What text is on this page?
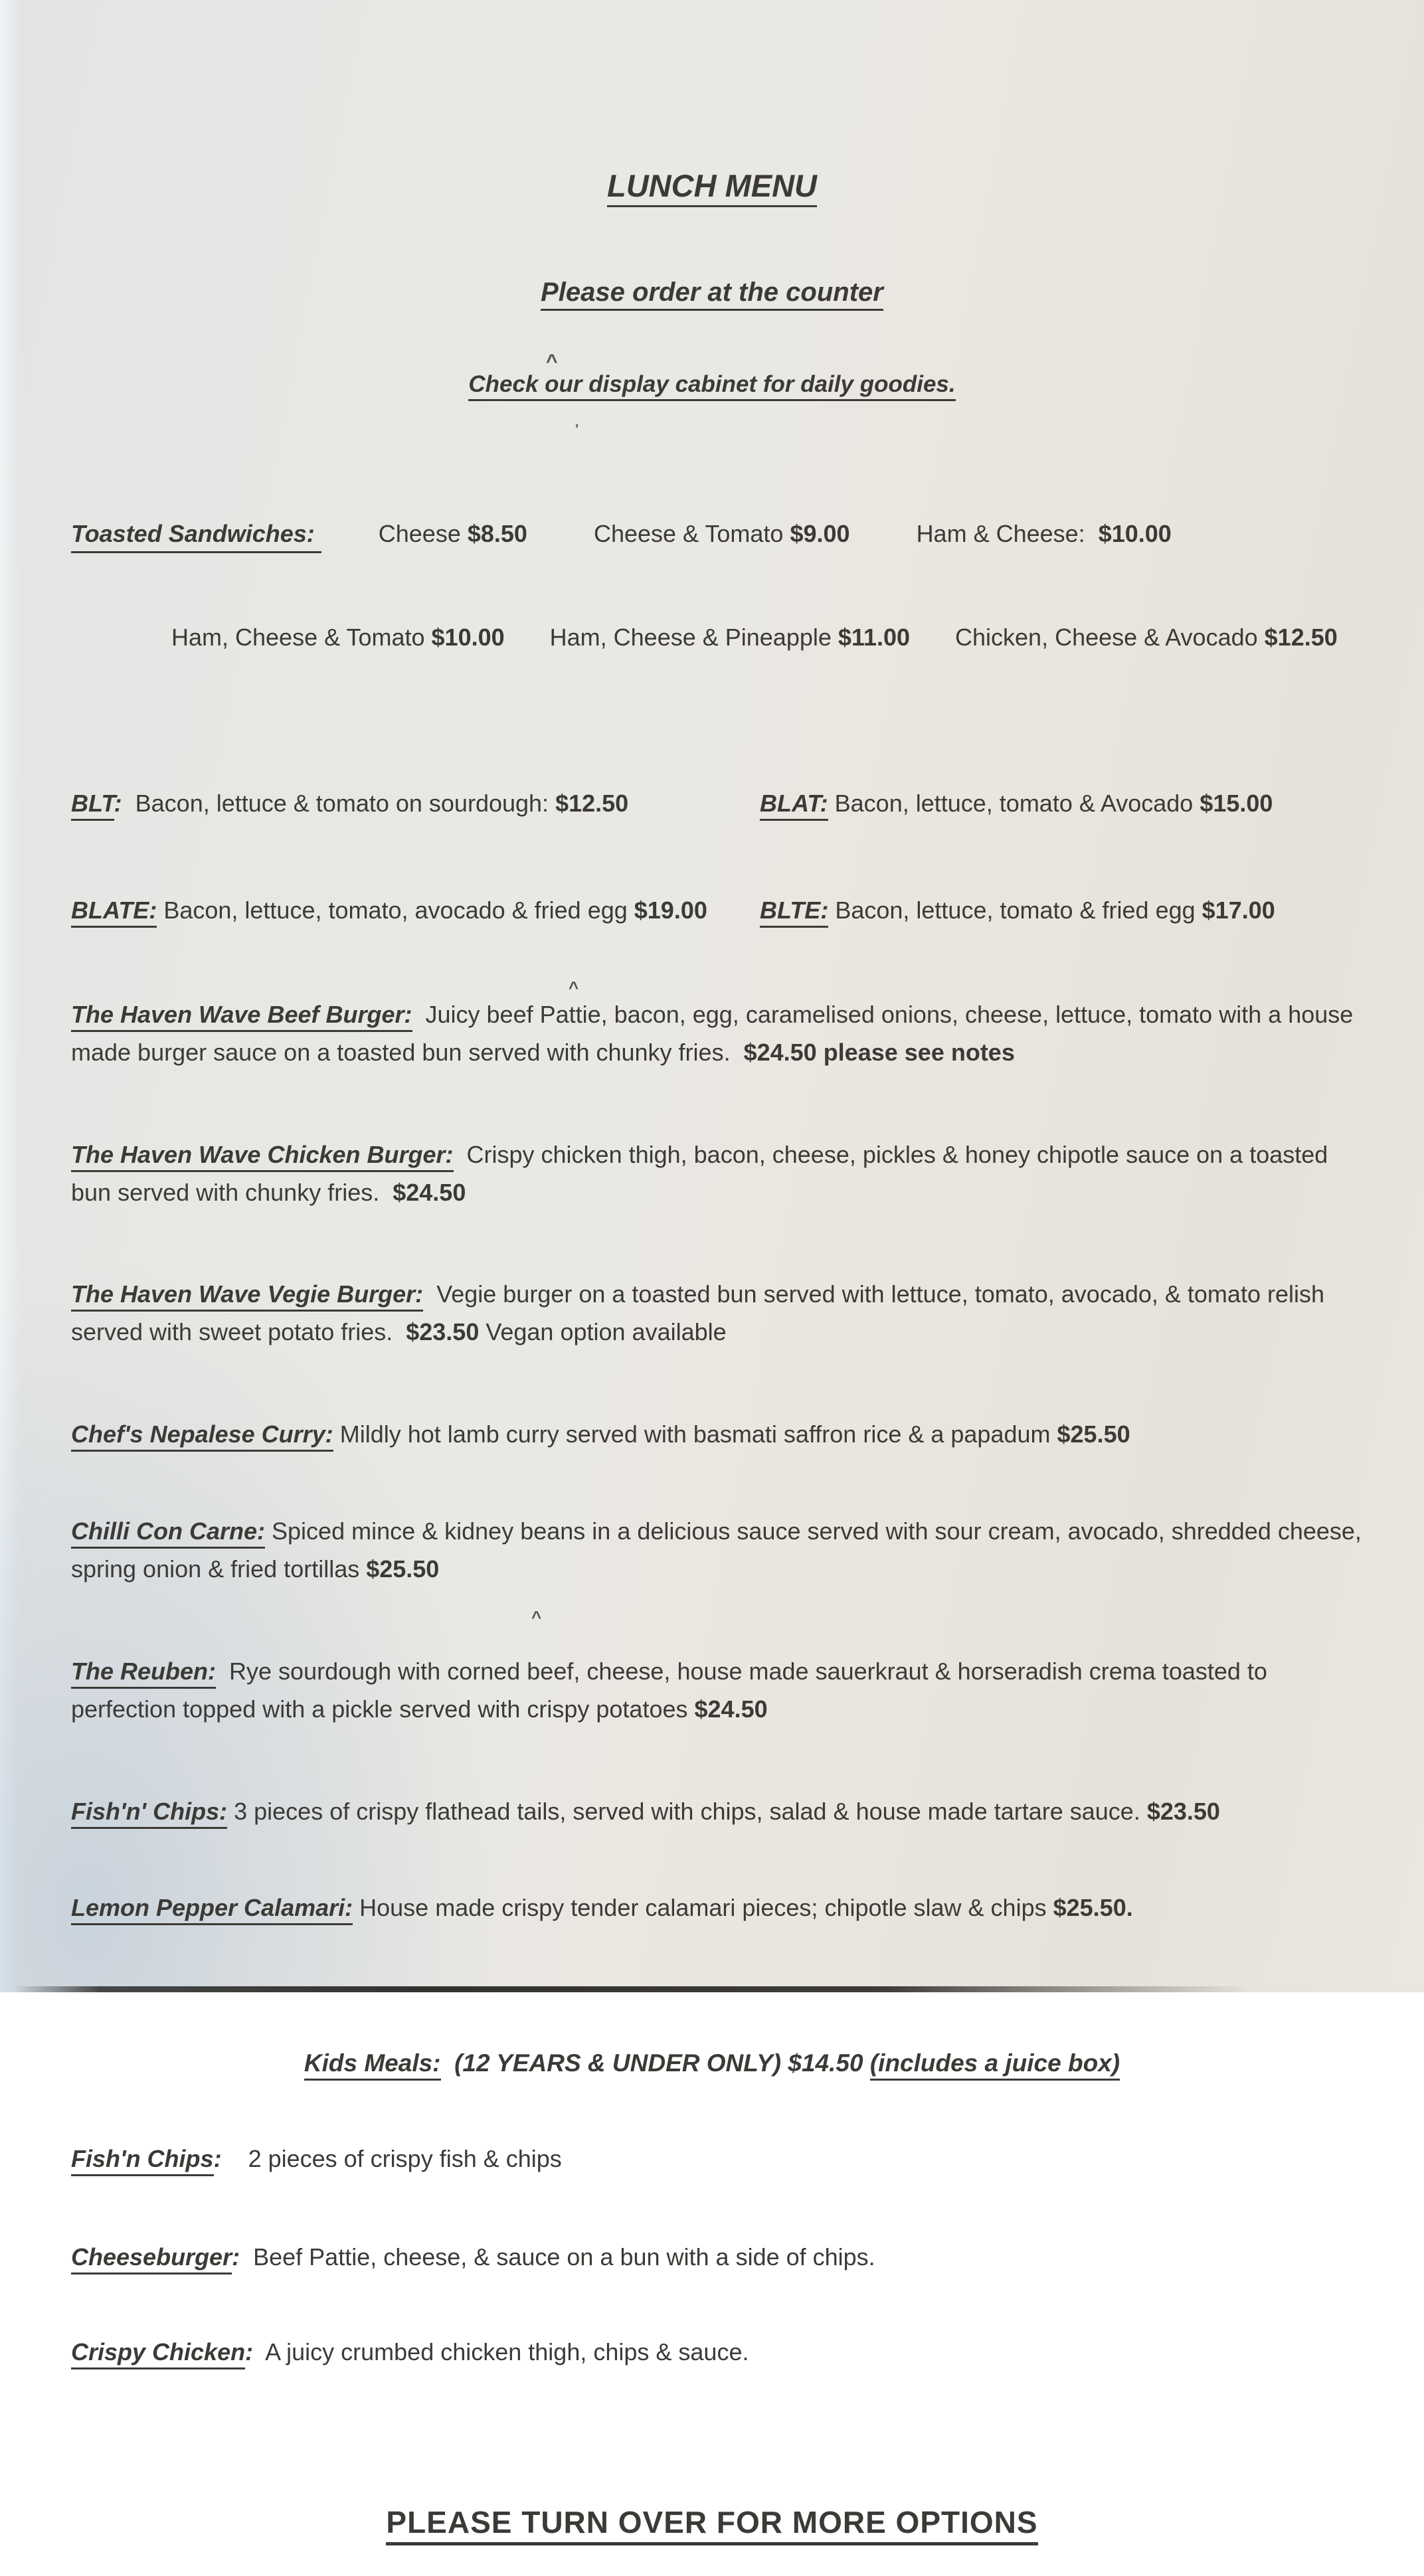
LUNCH MENU

Please order at the counter

Check our display cabinet for daily goodies.

Toasted Sandwiches: Cheese $8.50	Cheese & Tomato $9.00	Ham & Cheese:  $10.00

Ham, Cheese & Tomato $10.00 Ham, Cheese & Pineapple $11.00 Chicken, Cheese & Avocado $12.50

BLT:  Bacon, lettuce & tomato on sourdough: $12.50	BLAT: Bacon, lettuce, tomato & Avocado $15.00

BLATE: Bacon, lettuce, tomato, avocado & fried egg $19.00	BLTE: Bacon, lettuce, tomato & fried egg $17.00

The Haven Wave Beef Burger:  Juicy beef Pattie, bacon, egg, caramelised onions, cheese, lettuce, tomato with a house made burger sauce on a toasted bun served with chunky fries.  $24.50 please see notes

The Haven Wave Chicken Burger:  Crispy chicken thigh, bacon, cheese, pickles & honey chipotle sauce on a toasted bun served with chunky fries.  $24.50

The Haven Wave Vegie Burger:  Vegie burger on a toasted bun served with lettuce, tomato, avocado, & tomato relish served with sweet potato fries.  $23.50 Vegan option available

Chef's Nepalese Curry: Mildly hot lamb curry served with basmati saffron rice & a papadum $25.50

Chilli Con Carne: Spiced mince & kidney beans in a delicious sauce served with sour cream, avocado, shredded cheese, spring onion & fried tortillas $25.50

The Reuben:  Rye sourdough with corned beef, cheese, house made sauerkraut & horseradish crema toasted to perfection topped with a pickle served with crispy potatoes $24.50

Fish'n' Chips: 3 pieces of crispy flathead tails, served with chips, salad & house made tartare sauce. $23.50

Lemon Pepper Calamari: House made crispy tender calamari pieces; chipotle slaw & chips $25.50.

Kids Meals:  (12 YEARS & UNDER ONLY) $14.50 (includes a juice box)

Fish'n Chips:    2 pieces of crispy fish & chips

Cheeseburger:  Beef Pattie, cheese, & sauce on a bun with a side of chips.

Crispy Chicken:  A juicy crumbed chicken thigh, chips & sauce.

PLEASE TURN OVER FOR MORE OPTIONS

^
^
^
'
